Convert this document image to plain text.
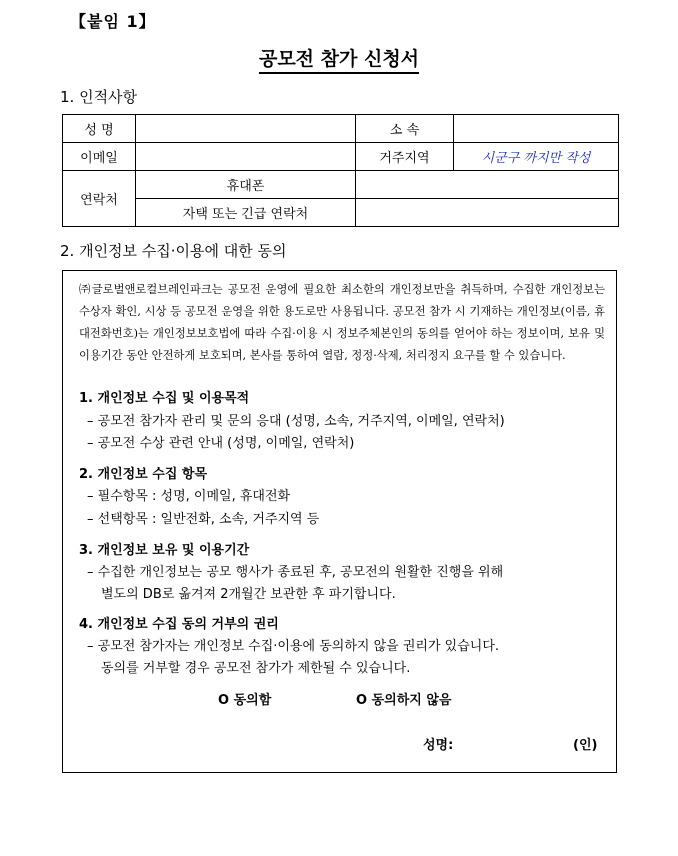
【붙임 1】
공모전 참가 신청서
1. 인적사항
성 명		소 속	
이메일		거주지역	시군구 까지만 작성
연락처	휴대폰		
	자택 또는 긴급 연락처		
2. 개인정보 수집·이용에 대한 동의
㈜글로벌앤로컬브레인파크는 공모전 운영에 필요한 최소한의 개인정보만을 취득하며, 수집한 개인정보는 수상자 확인, 시상 등 공모전 운영을 위한 용도로만 사용됩니다. 공모전 참가 시 기재하는 개인정보(이름, 휴대전화번호)는 개인정보보호법에 따라 수집·이용 시 정보주체본인의 동의를 얻어야 하는 정보이며, 보유 및 이용기간 동안 안전하게 보호되며, 본사를 통하여 열람, 정정·삭제, 처리정지 요구를 할 수 있습니다.
1. 개인정보 수집 및 이용목적
– 공모전 참가자 관리 및 문의 응대 (성명, 소속, 거주지역, 이메일, 연락처)
– 공모전 수상 관련 안내 (성명, 이메일, 연락처)
2. 개인정보 수집 항목
– 필수항목 : 성명, 이메일, 휴대전화
– 선택항목 : 일반전화, 소속, 거주지역 등
3. 개인정보 보유 및 이용기간
– 수집한 개인정보는 공모 행사가 종료된 후, 공모전의 원활한 진행을 위해
별도의 DB로 옮겨져 2개월간 보관한 후 파기합니다.
4. 개인정보 수집 동의 거부의 권리
– 공모전 참가자는 개인정보 수집·이용에 동의하지 않을 권리가 있습니다.
동의를 거부할 경우 공모전 참가가 제한될 수 있습니다.
O 동의함	O 동의하지 않음
성명:	(인)
